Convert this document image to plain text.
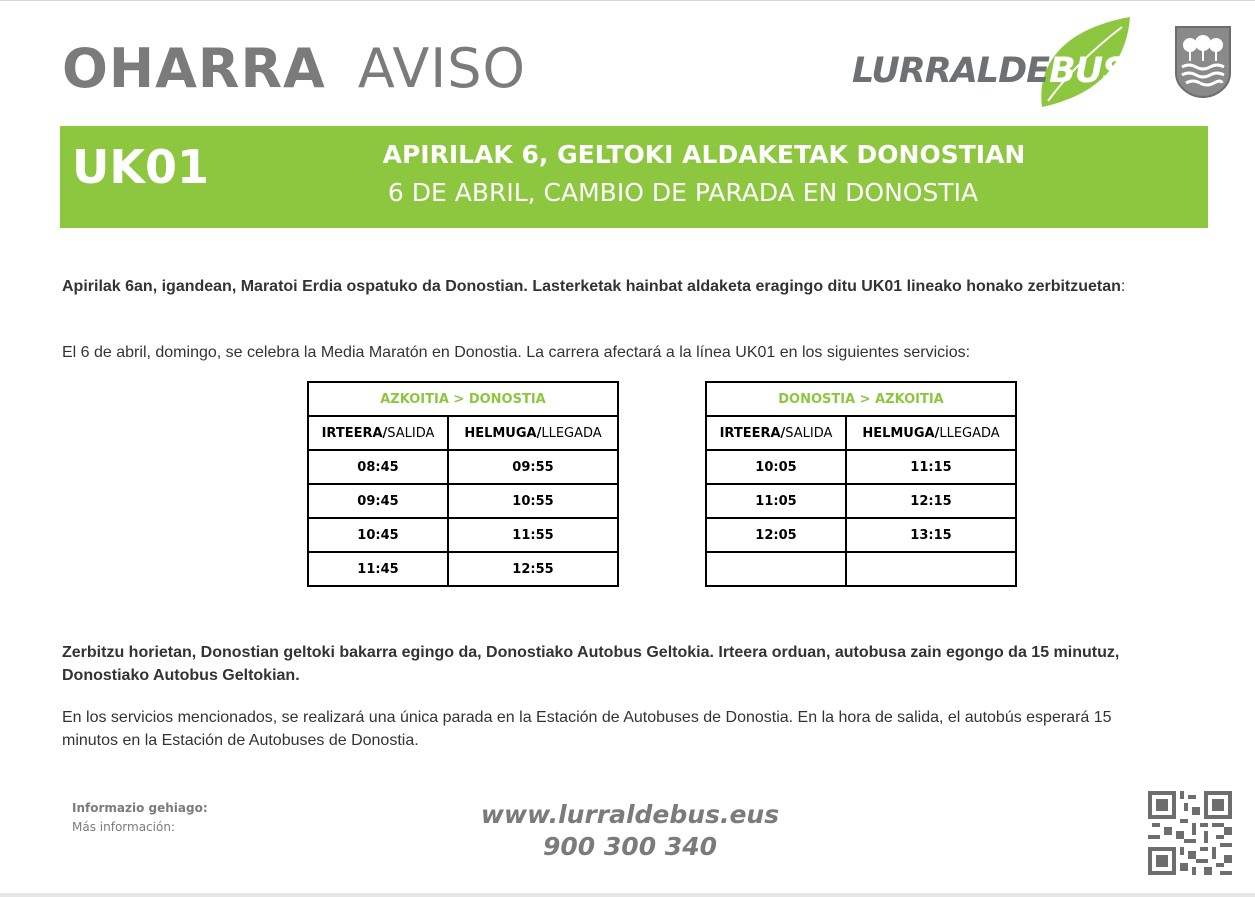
OHARRA AVISO	LURRALDEBUS
UK01	APIRILAK 6, GELTOKI ALDAKETAK DONOSTIAN
6 DE ABRIL, CAMBIO DE PARADA EN DONOSTIA
Apirilak 6an, igandean, Maratoi Erdia ospatuko da Donostian. Lasterketak hainbat aldaketa eragingo ditu UK01 lineako honako zerbitzuetan:
El 6 de abril, domingo, se celebra la Media Maratón en Donostia. La carrera afectará a la línea UK01 en los siguientes servicios:
AZKOITIA > DONOSTIA	
IRTEERA/SALIDA	HELMUGA/LLEGADA
08:45	09:55
09:45	10:55
10:45	11:55
11:45	12:55
DONOSTIA > AZKOITIA	
IRTEERA/SALIDA	HELMUGA/LLEGADA
10:05	11:15
11:05	12:15
12:05	13:15

Zerbitzu horietan, Donostian geltoki bakarra egingo da, Donostiako Autobus Geltokia. Irteera orduan, autobusa zain egongo da 15 minutuz, Donostiako Autobus Geltokian.
En los servicios mencionados, se realizará una única parada en la Estación de Autobuses de Donostia. En la hora de salida, el autobús esperará 15 minutos en la Estación de Autobuses de Donostia.
Informazio gehiago:
Más información:	www.lurraldebus.eus
900 300 340
